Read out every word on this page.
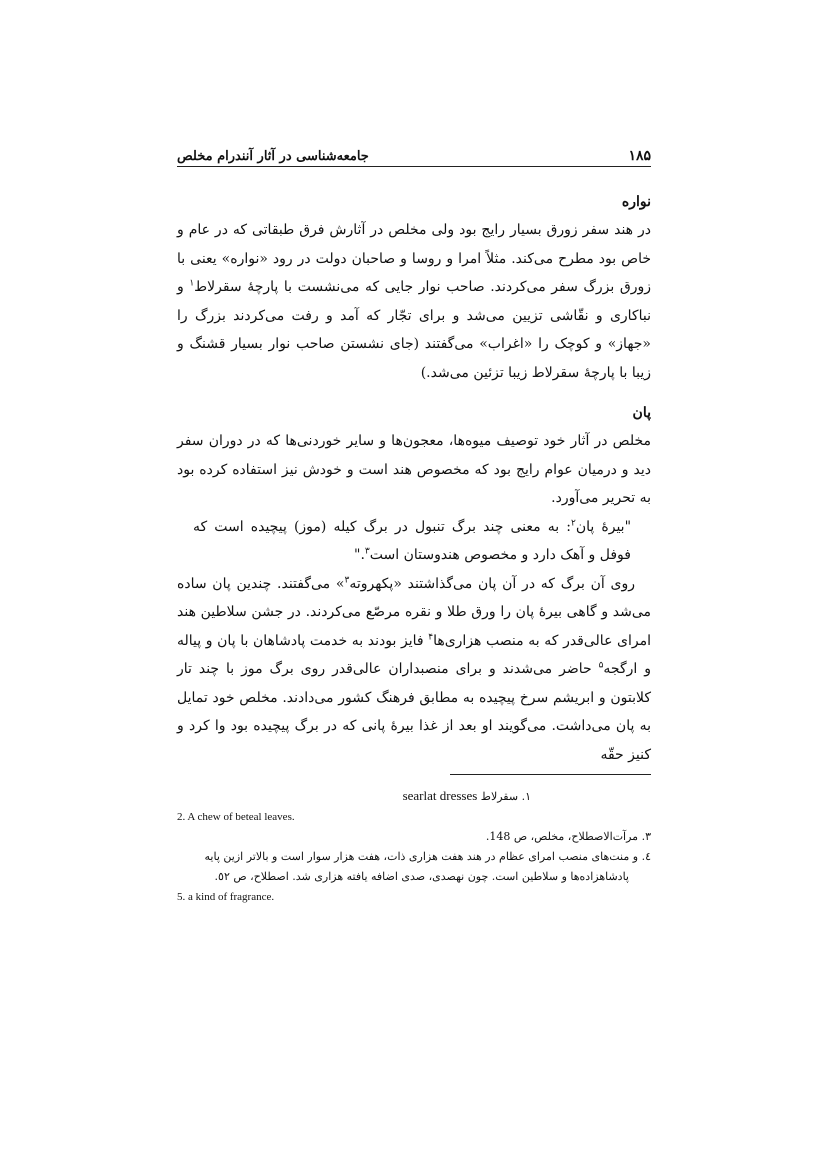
۱۸۵
جامعه‌شناسی در آثار آنندرام مخلص
نواره

در هند سفر زورق بسیار رایج بود ولی مخلص در آثارش فرق طبقاتی که در عام و خاص بود مطرح می‌کند. مثلاً امرا و روسا و صاحبان دولت در رود «نواره» یعنی با زورق بزرگ سفر می‌کردند. صاحب نوار جایی که می‌نشست با پارچهٔ سقرلاط$^۱$ و نباکاری و نقّاشی تزیین می‌شد و برای تجّار که آمد و رفت می‌کردند بزرگ را «جهاز» و کوچک را «اغراب» می‌گفتند (جای نشستن صاحب نوار بسیار قشنگ و زیبا با پارچهٔ سقرلاط زیبا تزئین می‌شد.)

پان

مخلص در آثار خود توصیف میوه‌ها، معجون‌ها و سایر خوردنی‌ها که در دوران سفر دید و درمیان عوام رایج بود که مخصوص هند است و خودش نیز استفاده کرده بود به تحریر می‌آورد.

"بیرهٔ پان$^۲$: به معنی چند برگ تنبول در برگ کیله (موز) پیچیده است که فوفل و آهک دارد و مخصوص هندوستان است$^۳$."

روی آن برگ که در آن پان می‌گذاشتند «پکهروته$^۳$» می‌گفتند. چندین پان ساده می‌شد و گاهی بیرهٔ پان را ورق طلا و نقره مرصّع می‌کردند. در جشن سلاطین هند امرای عالی‌قدر که به منصب هزاری‌ها$^۴$ فایز بودند به خدمت پادشاهان با پان و پیاله و ارگجه$^۵$ حاضر می‌شدند و برای منصبداران عالی‌قدر روی برگ موز با چند تار کلابتون و ابریشم سرخ پیچیده به مطابق فرهنگ کشور می‌دادند. مخلص خود تمایل به پان می‌داشت. می‌گویند او بعد از غذا بیرهٔ پانی که در برگ پیچیده بود وا کرد و کنیز حقّه

۱. سقرلاط searlat dresses

2. A chew of beteal leaves.

۳. مرآت‌الاصطلاح، مخلص، ص 148.

٤. و منت‌های منصب امرای عظام در هند هفت هزاری ذات، هفت هزار سوار است و بالاتر ازین پایه

پادشاهزاده‌ها و سلاطین است. چون نهصدی، صدی اضافه یافته هزاری شد. اصطلاح، ص ٥٢.

5. a kind of fragrance.
